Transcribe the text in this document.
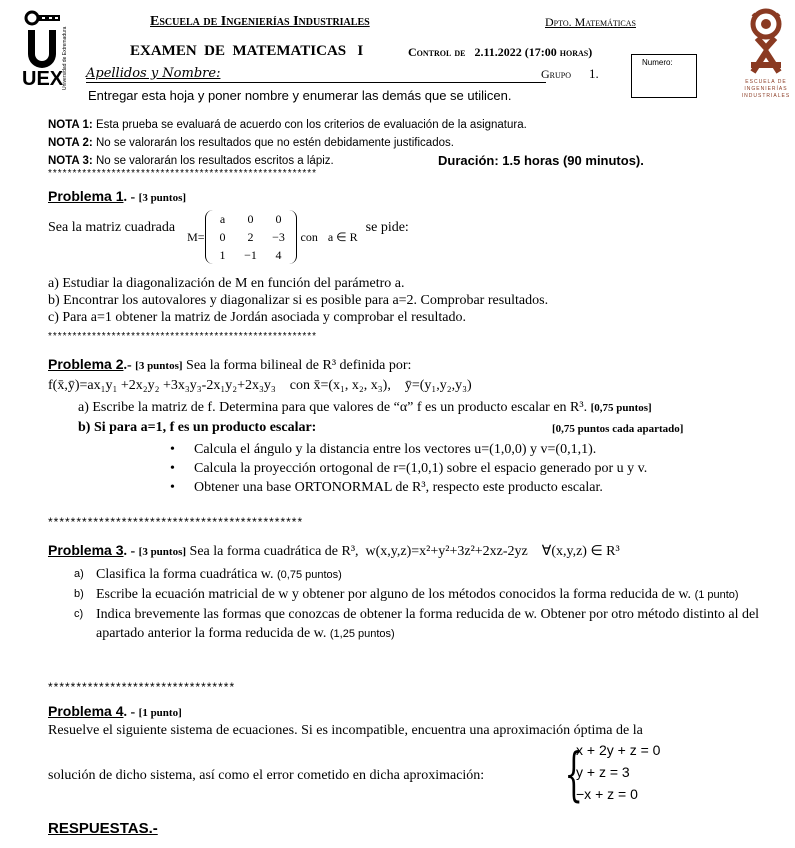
UEX
Universidad de Extremadura	ESCUELA DE INGENIERÍAS INDUSTRIALES
Escuela de Ingenierías Industriales	Dpto. Matemáticas
EXAMEN  DE  MATEMATICAS   I	Control de   2.11.2022 (17:00 horas)
Numero:
Apellidos y Nombre:	Grupo 1.
Entregar esta hoja y poner nombre y enumerar las demás que se utilicen.
NOTA 1: Esta prueba se evaluará de acuerdo con los criterios de evaluación de la asignatura.
NOTA 2: No se valorarán los resultados que no estén debidamente justificados.
NOTA 3: No se valorarán los resultados escritos a lápiz.	Duración: 1.5 horas (90 minutos).
*******************************************************
Problema 1. - [3 puntos]
Sea la matriz cuadrada
M=
a	0	0
0	2	−3
1	−1	4
con a ∈ R
se pide:
a) Estudiar la diagonalización de M en función del parámetro a.
b) Encontrar los autovalores y diagonalizar si es posible para a=2. Comprobar resultados.
c) Para a=1 obtener la matriz de Jordán asociada y comprobar el resultado.
*******************************************************
Problema 2.- [3 puntos] Sea la forma bilineal de R³ definida por:
f(x̄,ȳ)=ax₁y₁ +2x₂y₂ +3x₃y₃-2x₁y₂+2x₃y₃    con x̄=(x₁, x₂, x₃),    ȳ=(y₁,y₂,y₃)
a) Escribe la matriz de f. Determina para que valores de “α” f es un producto escalar en R³. [0,75 puntos]
b) Si para a=1, f es un producto escalar:	[0,75 puntos cada apartado]
• Calcula el ángulo y la distancia entre los vectores u=(1,0,0) y v=(0,1,1).
• Calcula la proyección ortogonal de r=(1,0,1) sobre el espacio generado por u y v.
• Obtener una base ORTONORMAL de R³, respecto este producto escalar.
*********************************************
Problema 3. - [3 puntos] Sea la forma cuadrática de R³,  w(x,y,z)=x²+y²+3z²+2xz-2yz    ∀(x,y,z) ∈ R³
a) Clasifica la forma cuadrática w. (0,75 puntos)
b) Escribe la ecuación matricial de w y obtener por alguno de los métodos conocidos la forma reducida de w. (1 punto)
c) Indica brevemente las formas que conozcas de obtener la forma reducida de w. Obtener por otro método distinto al del apartado anterior la forma reducida de w. (1,25 puntos)
*********************************
Problema 4. - [1 punto]
Resuelve el siguiente sistema de ecuaciones. Si es incompatible, encuentra una aproximación óptima de la
solución de dicho sistema, así como el error cometido en dicha aproximación: {
x + 2y + z = 0
y + z = 3
−x + z = 0
RESPUESTAS.-
